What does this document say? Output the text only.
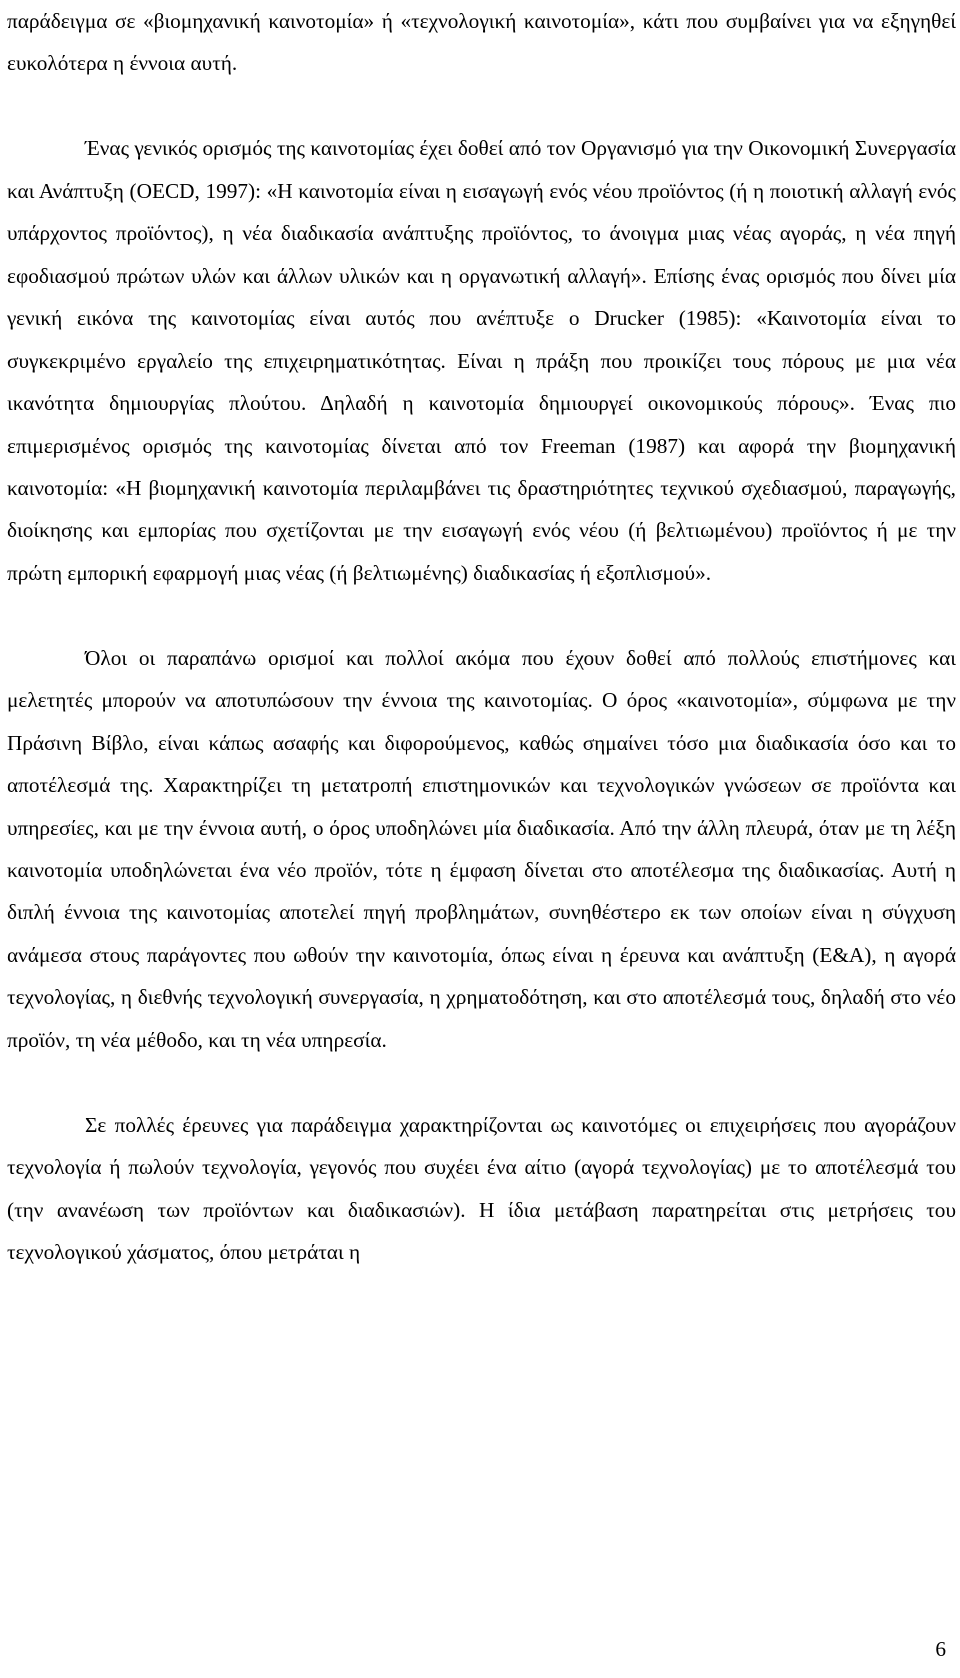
παράδειγμα σε «βιομηχανική καινοτομία» ή «τεχνολογική καινοτομία», κάτι που συμβαίνει για να εξηγηθεί ευκολότερα η έννοια αυτή.

Ένας γενικός ορισμός της καινοτομίας έχει δοθεί από τον Οργανισμό για την Οικονομική Συνεργασία και Ανάπτυξη (OECD, 1997): «Η καινοτομία είναι η εισαγωγή ενός νέου προϊόντος (ή η ποιοτική αλλαγή ενός υπάρχοντος προϊόντος), η νέα διαδικασία ανάπτυξης προϊόντος, το άνοιγμα μιας νέας αγοράς, η νέα πηγή εφοδιασμού πρώτων υλών και άλλων υλικών και η οργανωτική αλλαγή». Επίσης ένας ορισμός που δίνει μία γενική εικόνα της καινοτομίας είναι αυτός που ανέπτυξε ο Drucker (1985): «Καινοτομία είναι το συγκεκριμένο εργαλείο της επιχειρηματικότητας. Είναι η πράξη που προικίζει τους πόρους με μια νέα ικανότητα δημιουργίας πλούτου. Δηλαδή η καινοτομία δημιουργεί οικονομικούς πόρους». Ένας πιο επιμερισμένος ορισμός της καινοτομίας δίνεται από τον Freeman (1987) και αφορά την βιομηχανική καινοτομία: «Η βιομηχανική καινοτομία περιλαμβάνει τις δραστηριότητες τεχνικού σχεδιασμού, παραγωγής, διοίκησης και εμπορίας που σχετίζονται με την εισαγωγή ενός νέου (ή βελτιωμένου) προϊόντος ή με την πρώτη εμπορική εφαρμογή μιας νέας (ή βελτιωμένης) διαδικασίας ή εξοπλισμού».

Όλοι οι παραπάνω ορισμοί και πολλοί ακόμα που έχουν δοθεί από πολλούς επιστήμονες και μελετητές μπορούν να αποτυπώσουν την έννοια της καινοτομίας. Ο όρος «καινοτομία», σύμφωνα με την Πράσινη Βίβλο, είναι κάπως ασαφής και διφορούμενος, καθώς σημαίνει τόσο μια διαδικασία όσο και το αποτέλεσμά της. Χαρακτηρίζει τη μετατροπή επιστημονικών και τεχνολογικών γνώσεων σε προϊόντα και υπηρεσίες, και με την έννοια αυτή, ο όρος υποδηλώνει μία διαδικασία. Από την άλλη πλευρά, όταν με τη λέξη καινοτομία υποδηλώνεται ένα νέο προϊόν, τότε η έμφαση δίνεται στο αποτέλεσμα της διαδικασίας. Αυτή η διπλή έννοια της καινοτομίας αποτελεί πηγή προβλημάτων, συνηθέστερο εκ των οποίων είναι η σύγχυση ανάμεσα στους παράγοντες που ωθούν την καινοτομία, όπως είναι η έρευνα και ανάπτυξη (Ε&Α), η αγορά τεχνολογίας, η διεθνής τεχνολογική συνεργασία, η χρηματοδότηση, και στο αποτέλεσμά τους, δηλαδή στο νέο προϊόν, τη νέα μέθοδο, και τη νέα υπηρεσία.

Σε πολλές έρευνες για παράδειγμα χαρακτηρίζονται ως καινοτόμες οι επιχειρήσεις που αγοράζουν τεχνολογία ή πωλούν τεχνολογία, γεγονός που συχέει ένα αίτιο (αγορά τεχνολογίας) με το αποτέλεσμά του (την ανανέωση των προϊόντων και διαδικασιών). Η ίδια μετάβαση παρατηρείται στις μετρήσεις του τεχνολογικού χάσματος, όπου μετράται η

6
